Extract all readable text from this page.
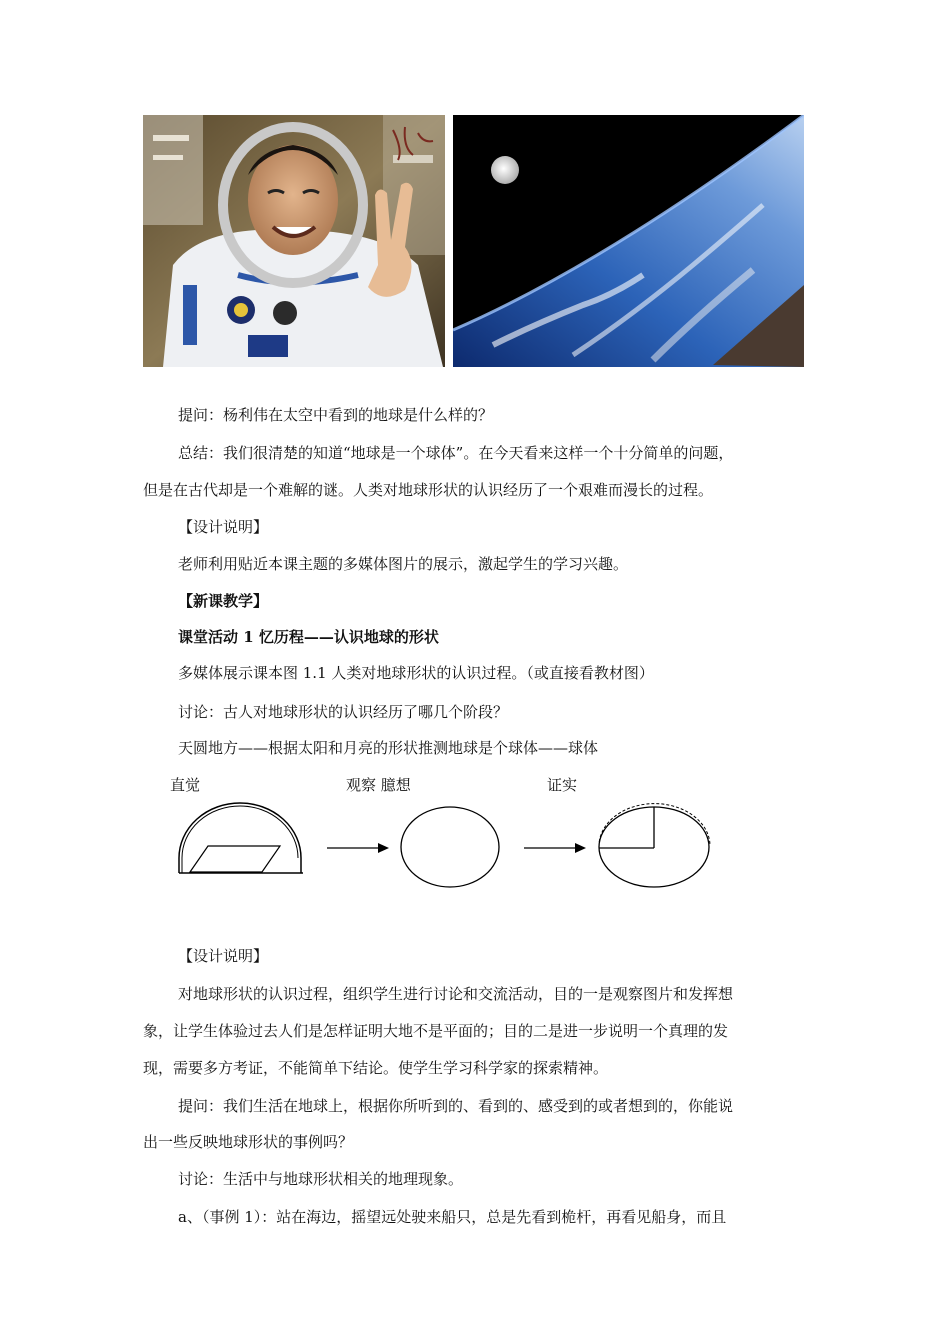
提问：杨利伟在太空中看到的地球是什么样的？
总结：我们很清楚的知道“地球是一个球体”。在今天看来这样一个十分简单的问题，
但是在古代却是一个难解的谜。人类对地球形状的认识经历了一个艰难而漫长的过程。
【设计说明】
老师利用贴近本课主题的多媒体图片的展示，激起学生的学习兴趣。
【新课教学】
课堂活动 1 忆历程——认识地球的形状
多媒体展示课本图 1.1 人类对地球形状的认识过程。（或直接看教材图）
讨论：古人对地球形状的认识经历了哪几个阶段？
天圆地方——根据太阳和月亮的形状推测地球是个球体——球体
直觉	观察 臆想	证实
【设计说明】
对地球形状的认识过程，组织学生进行讨论和交流活动，目的一是观察图片和发挥想
象，让学生体验过去人们是怎样证明大地不是平面的；目的二是进一步说明一个真理的发
现，需要多方考证，不能简单下结论。使学生学习科学家的探索精神。
提问：我们生活在地球上，根据你所听到的、看到的、感受到的或者想到的，你能说
出一些反映地球形状的事例吗？
讨论：生活中与地球形状相关的地理现象。
a、（事例 1）：站在海边，摇望远处驶来船只，总是先看到桅杆，再看见船身，而且
